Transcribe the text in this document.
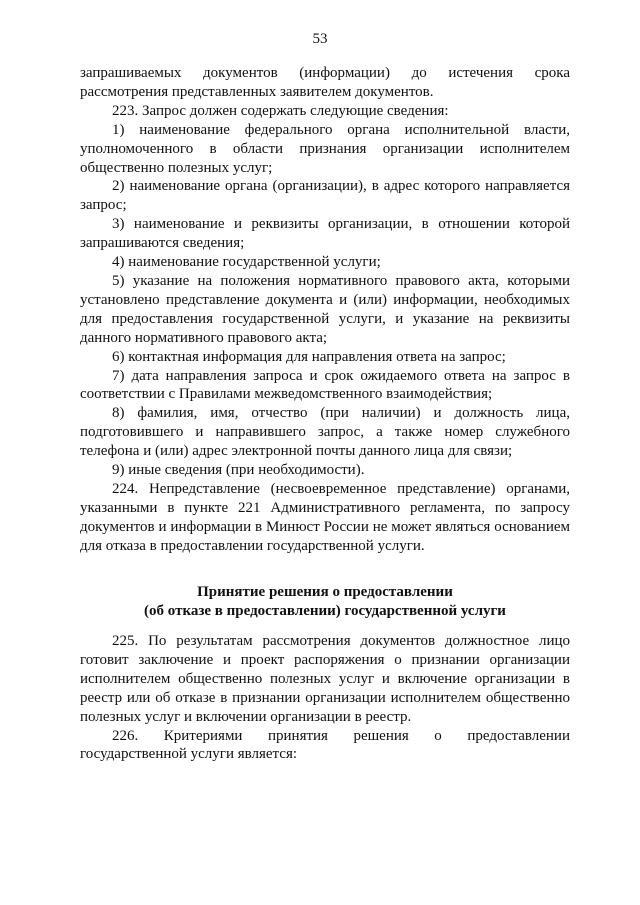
53

запрашиваемых документов (информации) до истечения срока рассмотрения представленных заявителем документов.

223. Запрос должен содержать следующие сведения:

1) наименование федерального органа исполнительной власти, уполномоченного в области признания организации исполнителем общественно полезных услуг;

2) наименование органа (организации), в адрес которого направляется запрос;

3) наименование и реквизиты организации, в отношении которой запрашиваются сведения;

4) наименование государственной услуги;

5) указание на положения нормативного правового акта, которыми установлено представление документа и (или) информации, необходимых для предоставления государственной услуги, и указание на реквизиты данного нормативного правового акта;

6) контактная информация для направления ответа на запрос;

7) дата направления запроса и срок ожидаемого ответа на запрос в соответствии с Правилами межведомственного взаимодействия;

8) фамилия, имя, отчество (при наличии) и должность лица, подготовившего и направившего запрос, а также номер служебного телефона и (или) адрес электронной почты данного лица для связи;

9) иные сведения (при необходимости).

224. Непредставление (несвоевременное представление) органами, указанными в пункте 221 Административного регламента, по запросу документов и информации в Минюст России не может являться основанием для отказа в предоставлении государственной услуги.

Принятие решения о предоставлении
(об отказе в предоставлении) государственной услуги

225. По результатам рассмотрения документов должностное лицо готовит заключение и проект распоряжения о признании организации исполнителем общественно полезных услуг и включение организации в реестр или об отказе в признании организации исполнителем общественно полезных услуг и включении организации в реестр.

226. Критериями принятия решения о предоставлении государственной услуги является:
